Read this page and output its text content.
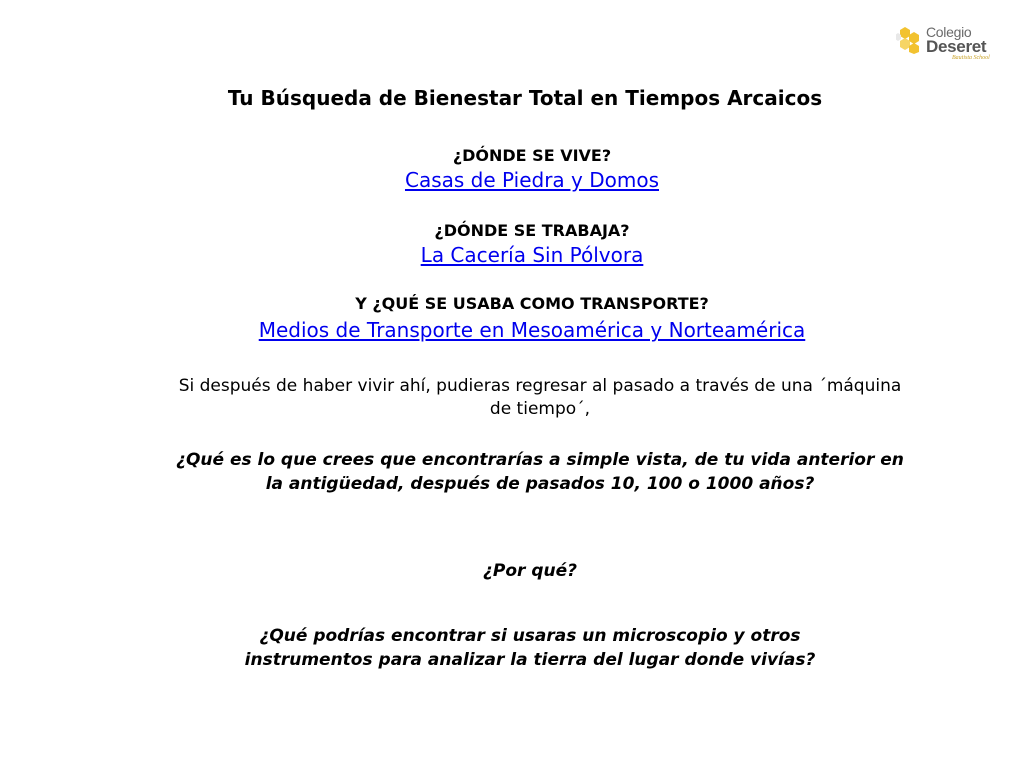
Colegio
Deseret
Bautista School
Tu Búsqueda de Bienestar Total en Tiempos Arcaicos
¿DÓNDE SE VIVE?
Casas de Piedra y Domos
¿DÓNDE SE TRABAJA?
La Cacería Sin Pólvora
Y ¿QUÉ SE USABA COMO TRANSPORTE?
Medios de Transporte en Mesoamérica y Norteamérica
Si después de haber vivir ahí, pudieras regresar al pasado a través de una ´máquina de tiempo´,
¿Qué es lo que crees que encontrarías a simple vista, de tu vida anterior en la antigüedad, después de pasados 10, 100 o 1000 años?
¿Por qué?
¿Qué podrías encontrar si usaras un microscopio y otros instrumentos para analizar la tierra del lugar donde vivías?
